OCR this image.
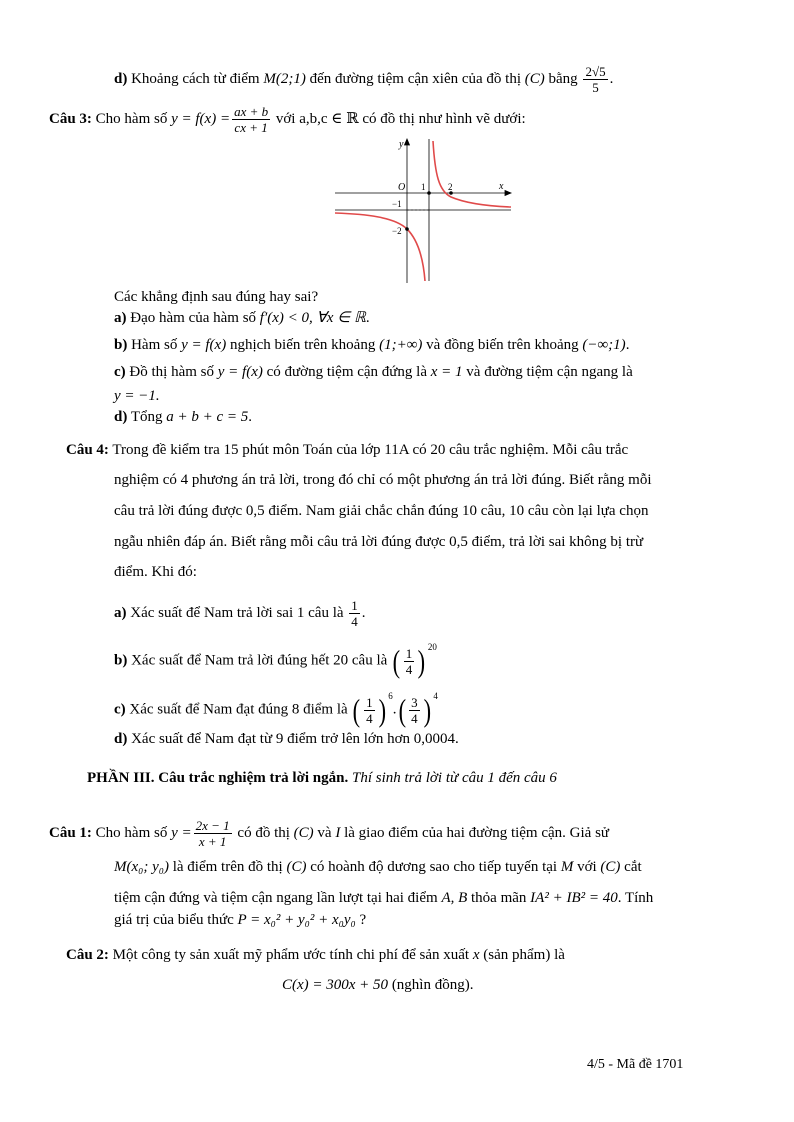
d) Khoảng cách từ điểm M(2;1) đến đường tiệm cận xiên của đồ thị (C) bằng $\frac{2√5}{5}$ .
Câu 3: Cho hàm số $y = f(x) = \frac{ax + b}{cx + 1}$ với a,b,c ∈ ℝ có đồ thị như hình vẽ dưới:
y
x
O 1	2
−1
−2
Các khẳng định sau đúng hay sai?
a) Đạo hàm của hàm số f′(x) < 0, ∀x ∈ ℝ.
b) Hàm số y = f(x) nghịch biến trên khoảng (1;+∞) và đồng biến trên khoảng (−∞;1).
c) Đồ thị hàm số y = f(x) có đường tiệm cận đứng là x = 1 và đường tiệm cận ngang là
y = −1.
d) Tổng a + b + c = 5.
Câu 4: Trong đề kiểm tra 15 phút môn Toán của lớp 11A có 20 câu trắc nghiệm. Mỗi câu trắc
nghiệm có 4 phương án trả lời, trong đó chỉ có một phương án trả lời đúng. Biết rằng mỗi
câu trả lời đúng được 0,5 điểm. Nam giải chắc chắn đúng 10 câu, 10 câu còn lại lựa chọn
ngẫu nhiên đáp án. Biết rằng mỗi câu trả lời đúng được 0,5 điểm, trả lời sai không bị trừ
điểm. Khi đó:
a) Xác suất để Nam trả lời sai 1 câu là $\frac{1}{4}$ .
b) Xác suất để Nam trả lời đúng hết 20 câu là ( $\frac{1}{4}$ ) $^{20}$
c) Xác suất để Nam đạt đúng 8 điểm là ( $\frac{1}{4}$ ) $^6$. ( $\frac{3}{4}$ ) $^4$
d) Xác suất để Nam đạt từ 9 điểm trở lên lớn hơn 0,0004.
PHẦN III. Câu trắc nghiệm trả lời ngắn. Thí sinh trả lời từ câu 1 đến câu 6
Câu 1: Cho hàm số $y = \frac{2x - 1}{x + 1}$ có đồ thị (C) và I là giao điểm của hai đường tiệm cận. Giả sử
M(x₀; y₀) là điểm trên đồ thị (C) có hoành độ dương sao cho tiếp tuyến tại M với (C) cắt
tiệm cận đứng và tiệm cận ngang lần lượt tại hai điểm A, B thỏa mãn IA² + IB² = 40. Tính
giá trị của biểu thức P = x₀² + y₀² + x₀y₀ ?
Câu 2: Một công ty sản xuất mỹ phẩm ước tính chi phí để sản xuất x (sản phẩm) là
C(x) = 300x + 50 (nghìn đồng).
4/5 - Mã đề 1701
